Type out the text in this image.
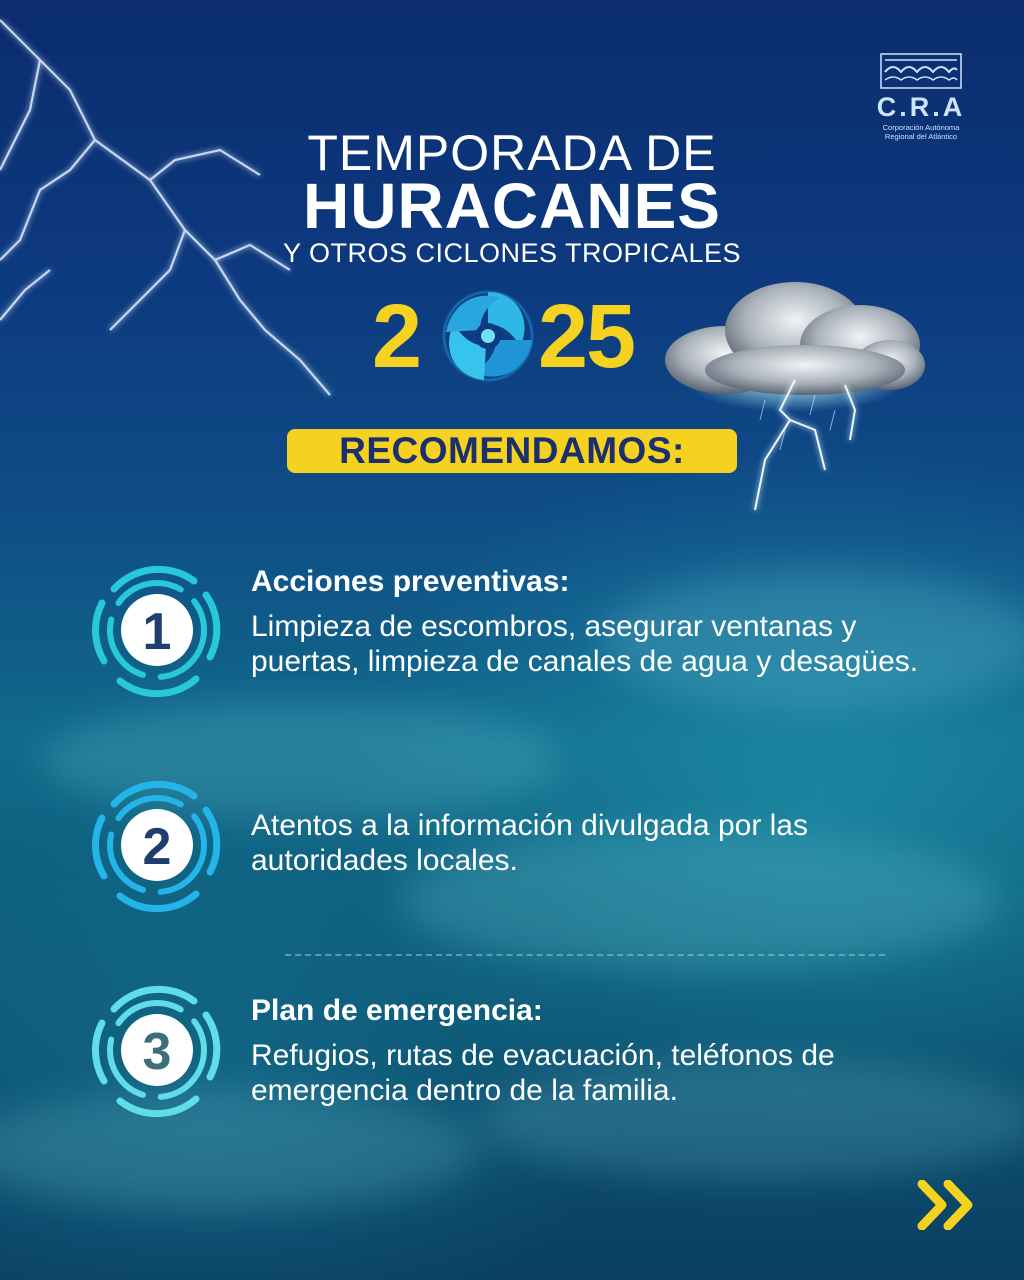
C.R.A
Corporación Autónoma
Regional del Atlántico
TEMPORADA DE
HURACANES
Y OTROS CICLONES TROPICALES
2 25
RECOMENDAMOS:
1
Acciones preventivas:
Limpieza de escombros, asegurar ventanas y puertas, limpieza de canales de agua y desagües.
2	Atentos a la información divulgada por las autoridades locales.
3
Plan de emergencia:
Refugios, rutas de evacuación, teléfonos de emergencia dentro de la familia.
